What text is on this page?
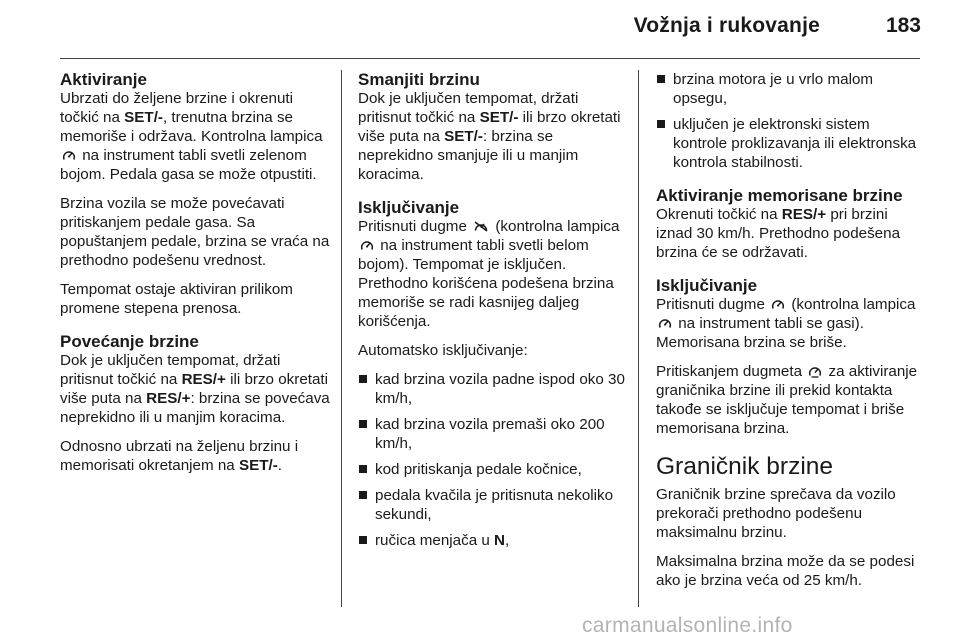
Vožnja i rukovanje	183
Aktiviranje

Ubrzati do željene brzine i okrenuti točkić na SET/-, trenutna brzina se memoriše i održava. Kontrolna lampica
na instrument tabli svetli zelenom bojom. Pedala gasa se može otpustiti.

Brzina vozila se može povećavati pritiskanjem pedale gasa. Sa popuštanjem pedale, brzina se vraća na prethodno podešenu vrednost.

Tempomat ostaje aktiviran prilikom promene stepena prenosa.

Povećanje brzine

Dok je uključen tempomat, držati pritisnut točkić na RES/+ ili brzo okretati više puta na RES/+: brzina se povećava neprekidno ili u manjim koracima.

Odnosno ubrzati na željenu brzinu i memorisati okretanjem na SET/-.

Smanjiti brzinu

Dok je uključen tempomat, držati pritisnut točkić na SET/- ili brzo okretati više puta na SET/-: brzina se neprekidno smanjuje ili u manjim koracima.

Isključivanje

Pritisnuti dugme
(kontrolna lampica
na instrument tabli svetli belom bojom). Tempomat je isključen. Prethodno korišćena podešena brzina memoriše se radi kasnijeg daljeg korišćenja.

Automatsko isključivanje:

kad brzina vozila padne ispod oko 30 km/h,
kad brzina vozila premaši oko 200 km/h,
kod pritiskanja pedale kočnice,
pedala kvačila je pritisnuta nekoliko sekundi,
ručica menjača u N,
brzina motora je u vrlo malom opsegu,
uključen je elektronski sistem kontrole proklizavanja ili elektronska kontrola stabilnosti.
Aktiviranje memorisane brzine

Okrenuti točkić na RES/+ pri brzini iznad 30 km/h. Prethodno podešena brzina će se održavati.

Isključivanje

Pritisnuti dugme
(kontrolna lampica
na instrument tabli se gasi). Memorisana brzina se briše.

Pritiskanjem dugmeta
za aktiviranje graničnika brzine ili prekid kontakta takođe se isključuje tempomat i briše memorisana brzina.

Graničnik brzine

Graničnik brzine sprečava da vozilo prekorači prethodno podešenu maksimalnu brzinu.

Maksimalna brzina može da se podesi ako je brzina veća od 25 km/h.

carmanualsonline.info
